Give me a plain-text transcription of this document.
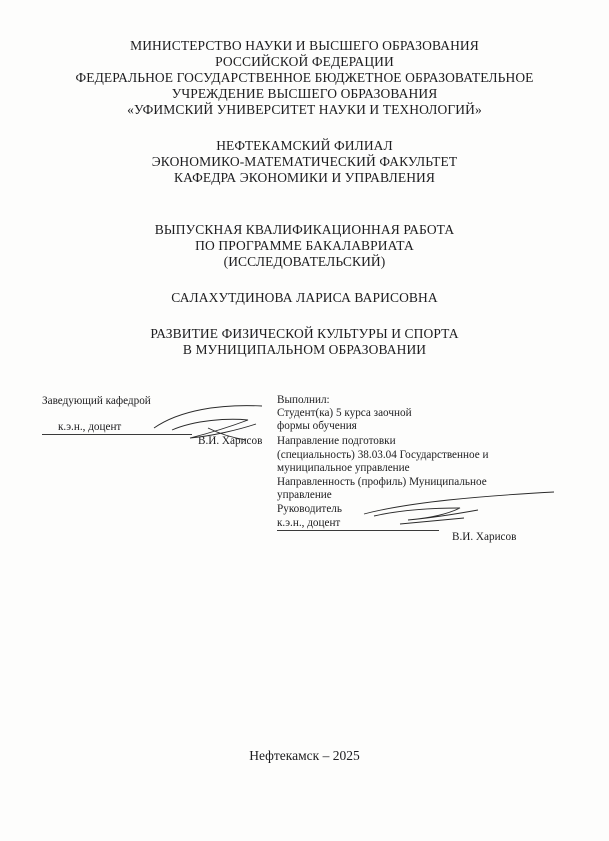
МИНИСТЕРСТВО НАУКИ И ВЫСШЕГО ОБРАЗОВАНИЯ
РОССИЙСКОЙ ФЕДЕРАЦИИ
ФЕДЕРАЛЬНОЕ ГОСУДАРСТВЕННОЕ БЮДЖЕТНОЕ ОБРАЗОВАТЕЛЬНОЕ
УЧРЕЖДЕНИЕ ВЫСШЕГО ОБРАЗОВАНИЯ
«УФИМСКИЙ УНИВЕРСИТЕТ НАУКИ И ТЕХНОЛОГИЙ»
НЕФТЕКАМСКИЙ ФИЛИАЛ
ЭКОНОМИКО-МАТЕМАТИЧЕСКИЙ ФАКУЛЬТЕТ
КАФЕДРА ЭКОНОМИКИ И УПРАВЛЕНИЯ
ВЫПУСКНАЯ КВАЛИФИКАЦИОННАЯ РАБОТА
ПО ПРОГРАММЕ БАКАЛАВРИАТА
(ИССЛЕДОВАТЕЛЬСКИЙ)
САЛАХУТДИНОВА ЛАРИСА ВАРИСОВНА
РАЗВИТИЕ ФИЗИЧЕСКОЙ КУЛЬТУРЫ И СПОРТА
В МУНИЦИПАЛЬНОМ ОБРАЗОВАНИИ
Заведующий кафедрой
к.э.н., доцент
В.И. Харисов
Выполнил:
Студент(ка) 5 курса заочной
формы обучения
Направление подготовки
(специальность) 38.03.04 Государственное и
муниципальное управление
Направленность (профиль) Муниципальное
управление
Руководитель
к.э.н., доцент
В.И. Харисов
Нефтекамск – 2025
